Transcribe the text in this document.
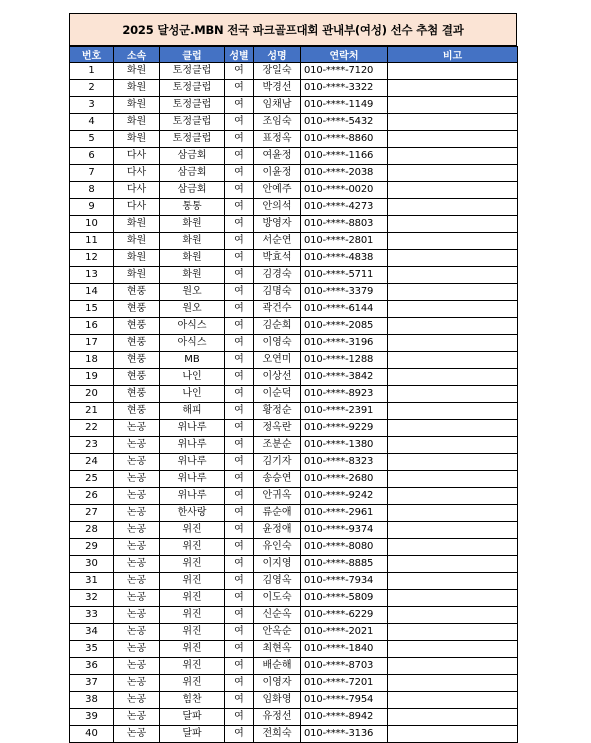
2025 달성군.MBN 전국 파크골프대회 관내부(여성) 선수 추첨 결과
번호	소속	클럽	성별	성명	연락처	비고
1	화원	토정클럽	여	장일숙	010-****-7120	
2	화원	토정클럽	여	박경선	010-****-3322	
3	화원	토정클럽	여	임채남	010-****-1149	
4	화원	토정클럽	여	조임숙	010-****-5432	
5	화원	토정클럽	여	표정옥	010-****-8860	
6	다사	삼금회	여	여윤정	010-****-1166	
7	다사	삼금회	여	이윤정	010-****-2038	
8	다사	삼금회	여	안예주	010-****-0020	
9	다사	통통	여	안의석	010-****-4273	
10	화원	화원	여	방영자	010-****-8803	
11	화원	화원	여	서순연	010-****-2801	
12	화원	화원	여	박효석	010-****-4838	
13	화원	화원	여	김경숙	010-****-5711	
14	현풍	원오	여	김명숙	010-****-3379	
15	현풍	원오	여	곽건수	010-****-6144	
16	현풍	아식스	여	김순희	010-****-2085	
17	현풍	아식스	여	이영숙	010-****-3196	
18	현풍	MB	여	오연미	010-****-1288	
19	현풍	나인	여	이상선	010-****-3842	
20	현풍	나인	여	이순덕	010-****-8923	
21	현풍	해피	여	황정순	010-****-2391	
22	논공	위나루	여	정옥란	010-****-9229	
23	논공	위나루	여	조분순	010-****-1380	
24	논공	위나루	여	김기자	010-****-8323	
25	논공	위나루	여	송승연	010-****-2680	
26	논공	위나루	여	안귀옥	010-****-9242	
27	논공	한사랑	여	류순애	010-****-2961	
28	논공	위진	여	윤정애	010-****-9374	
29	논공	위진	여	유인숙	010-****-8080	
30	논공	위진	여	이지영	010-****-8885	
31	논공	위진	여	김영옥	010-****-7934	
32	논공	위진	여	이도숙	010-****-5809	
33	논공	위진	여	신순옥	010-****-6229	
34	논공	위진	여	안옥순	010-****-2021	
35	논공	위진	여	최현옥	010-****-1840	
36	논공	위진	여	배순해	010-****-8703	
37	논공	위진	여	이영자	010-****-7201	
38	논공	힘찬	여	임화영	010-****-7954	
39	논공	달파	여	유정선	010-****-8942	
40	논공	달파	여	전희숙	010-****-3136	
